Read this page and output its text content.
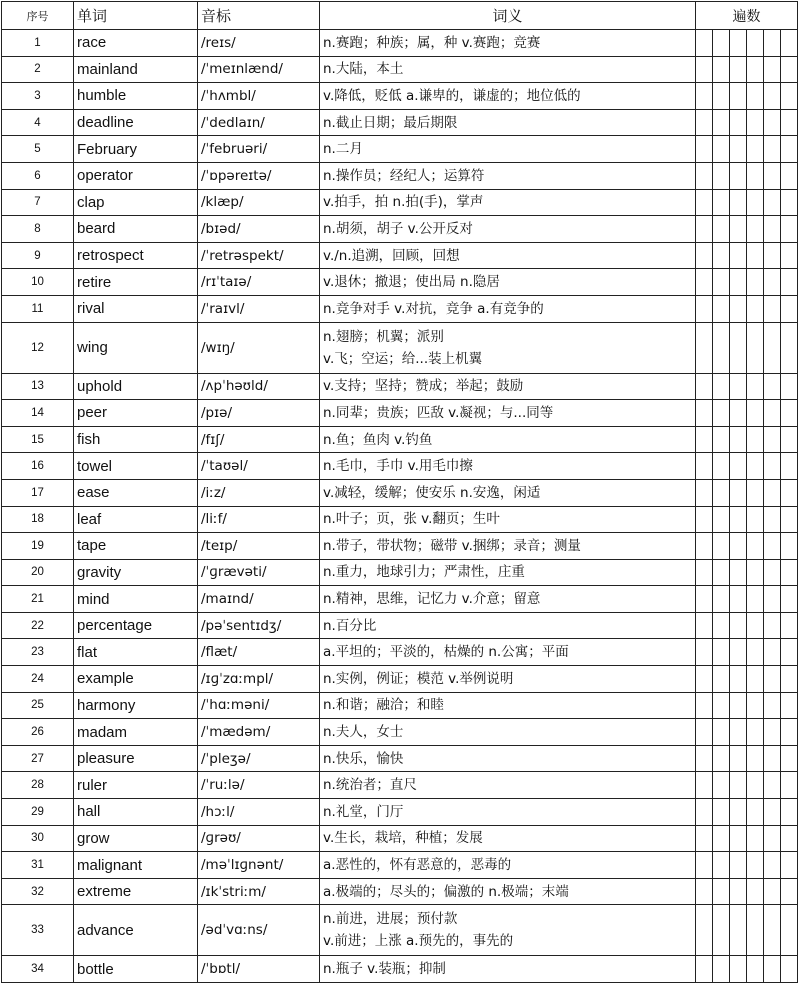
序号	单词	音标	词义	遍数					
1	race	/reɪs/	n.赛跑；种族；属，种 v.赛跑；竞赛						

2	mainland	/ˈmeɪnlænd/	n.大陆，本土						

3	humble	/ˈhʌmbl/	v.降低，贬低 a.谦卑的，谦虚的；地位低的						

4	deadline	/ˈdedlaɪn/	n.截止日期；最后期限						

5	February	/ˈfebruəri/	n.二月						

6	operator	/ˈɒpəreɪtə/	n.操作员；经纪人；运算符						

7	clap	/klæp/	v.拍手，拍 n.拍(手)，掌声						

8	beard	/bɪəd/	n.胡须，胡子 v.公开反对						

9	retrospect	/ˈretrəspekt/	v./n.追溯，回顾，回想						

10	retire	/rɪˈtaɪə/	v.退休；撤退；使出局 n.隐居						

11	rival	/ˈraɪvl/	n.竞争对手 v.对抗，竞争 a.有竞争的						

12	wing	/wɪŋ/	n.翅膀；机翼；派别
v.飞；空运；给...装上机翼						

13	uphold	/ʌpˈhəʊld/	v.支持；坚持；赞成；举起；鼓励						

14	peer	/pɪə/	n.同辈；贵族；匹敌 v.凝视；与...同等						

15	fish	/fɪʃ/	n.鱼；鱼肉 v.钓鱼						

16	towel	/ˈtaʊəl/	n.毛巾，手巾 v.用毛巾擦						

17	ease	/iːz/	v.减轻，缓解；使安乐 n.安逸，闲适						

18	leaf	/liːf/	n.叶子；页，张 v.翻页；生叶						

19	tape	/teɪp/	n.带子，带状物；磁带 v.捆绑；录音；测量						

20	gravity	/ˈɡrævəti/	n.重力，地球引力；严肃性，庄重						

21	mind	/maɪnd/	n.精神，思维，记忆力 v.介意；留意						

22	percentage	/pəˈsentɪdʒ/	n.百分比						

23	flat	/flæt/	a.平坦的；平淡的，枯燥的 n.公寓；平面						

24	example	/ɪɡˈzɑːmpl/	n.实例，例证；模范 v.举例说明						

25	harmony	/ˈhɑːməni/	n.和谐；融洽；和睦						

26	madam	/ˈmædəm/	n.夫人，女士						

27	pleasure	/ˈpleʒə/	n.快乐，愉快						

28	ruler	/ˈruːlə/	n.统治者；直尺						

29	hall	/hɔːl/	n.礼堂，门厅						

30	grow	/ɡrəʊ/	v.生长，栽培，种植；发展						

31	malignant	/məˈlɪɡnənt/	a.恶性的，怀有恶意的，恶毒的						

32	extreme	/ɪkˈstriːm/	a.极端的；尽头的；偏激的 n.极端；末端						

33	advance	/ədˈvɑːns/	n.前进，进展；预付款
v.前进；上涨 a.预先的，事先的						

34	bottle	/ˈbɒtl/	n.瓶子 v.装瓶；抑制						
